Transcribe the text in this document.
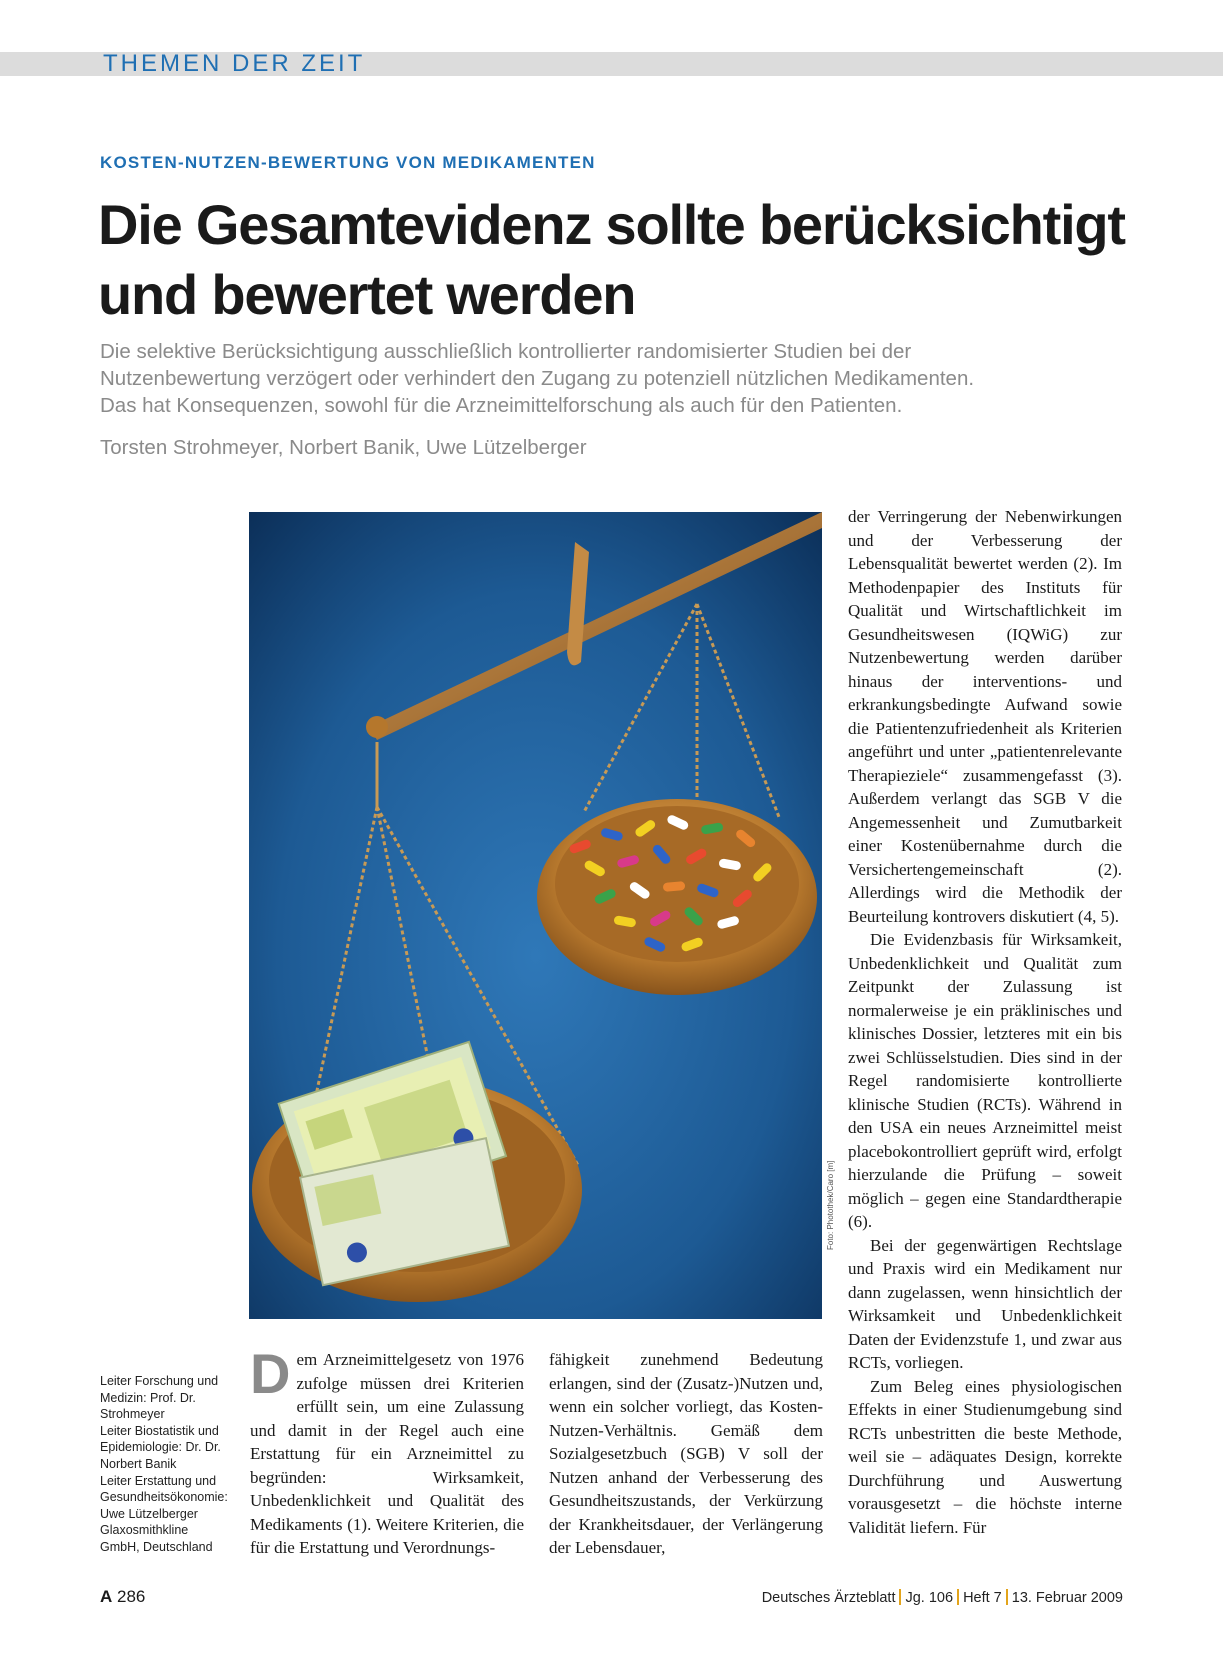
THEMEN DER ZEIT
KOSTEN-NUTZEN-BEWERTUNG VON MEDIKAMENTEN
Die Gesamtevidenz sollte berücksichtigt
und bewertet werden
Die selektive Berücksichtigung ausschließlich kontrollierter randomisierter Studien bei der
Nutzenbewertung verzögert oder verhindert den Zugang zu potenziell nützlichen Medikamenten.
Das hat Konsequenzen, sowohl für die Arzneimittelforschung als auch für den Patienten.
Torsten Strohmeyer, Norbert Banik, Uwe Lützelberger
Foto: Photothek/Caro [m]

Leiter Forschung und Medizin: Prof. Dr. Strohmeyer

Leiter Biostatistik und Epidemiologie: Dr. Dr. Norbert Banik

Leiter Erstattung und Gesundheitsökonomie: Uwe Lützelberger

Glaxosmithkline GmbH, Deutschland

D em Arzneimittelgesetz von 1976 zufolge müssen drei Kriterien erfüllt sein, um eine Zulassung und damit in der Regel auch eine Erstattung für ein Arzneimittel zu begründen: Wirksamkeit, Unbedenklichkeit und Qualität des Medikaments (1). Weitere Kriterien, die für die Erstattung und Verordnungs-

fähigkeit zunehmend Bedeutung erlangen, sind der (Zusatz-)Nutzen und, wenn ein solcher vorliegt, das Kosten-Nutzen-Verhältnis. Gemäß dem Sozialgesetzbuch (SGB) V soll der Nutzen anhand der Verbesserung des Gesundheitszustands, der Verkürzung der Krankheitsdauer, der Verlängerung der Lebensdauer,

der Verringerung der Nebenwirkungen und der Verbesserung der Lebensqualität bewertet werden (2). Im Methodenpapier des Instituts für Qualität und Wirtschaftlichkeit im Gesundheitswesen (IQWiG) zur Nutzenbewertung werden darüber hinaus der interventions- und erkrankungsbedingte Aufwand sowie die Patientenzufriedenheit als Kriterien angeführt und unter „patientenrelevante Therapieziele“ zusammengefasst (3). Außerdem verlangt das SGB V die Angemessenheit und Zumutbarkeit einer Kostenübernahme durch die Versichertengemeinschaft (2). Allerdings wird die Methodik der Beurteilung kontrovers diskutiert (4, 5).

Die Evidenzbasis für Wirksamkeit, Unbedenklichkeit und Qualität zum Zeitpunkt der Zulassung ist normalerweise je ein präklinisches und klinisches Dossier, letzteres mit ein bis zwei Schlüsselstudien. Dies sind in der Regel randomisierte kontrollierte klinische Studien (RCTs). Während in den USA ein neues Arzneimittel meist placebokontrolliert geprüft wird, erfolgt hierzulande die Prüfung – soweit möglich – gegen eine Standardtherapie (6).

Bei der gegenwärtigen Rechtslage und Praxis wird ein Medikament nur dann zugelassen, wenn hinsichtlich der Wirksamkeit und Unbedenklichkeit Daten der Evidenzstufe 1, und zwar aus RCTs, vorliegen.

Zum Beleg eines physiologischen Effekts in einer Studienumgebung sind RCTs unbestritten die beste Methode, weil sie – adäquates Design, korrekte Durchführung und Auswertung vorausgesetzt – die höchste interne Validität liefern. Für

A 286	Deutsches Ärzteblatt Jg. 106 Heft 7 13. Februar 2009
